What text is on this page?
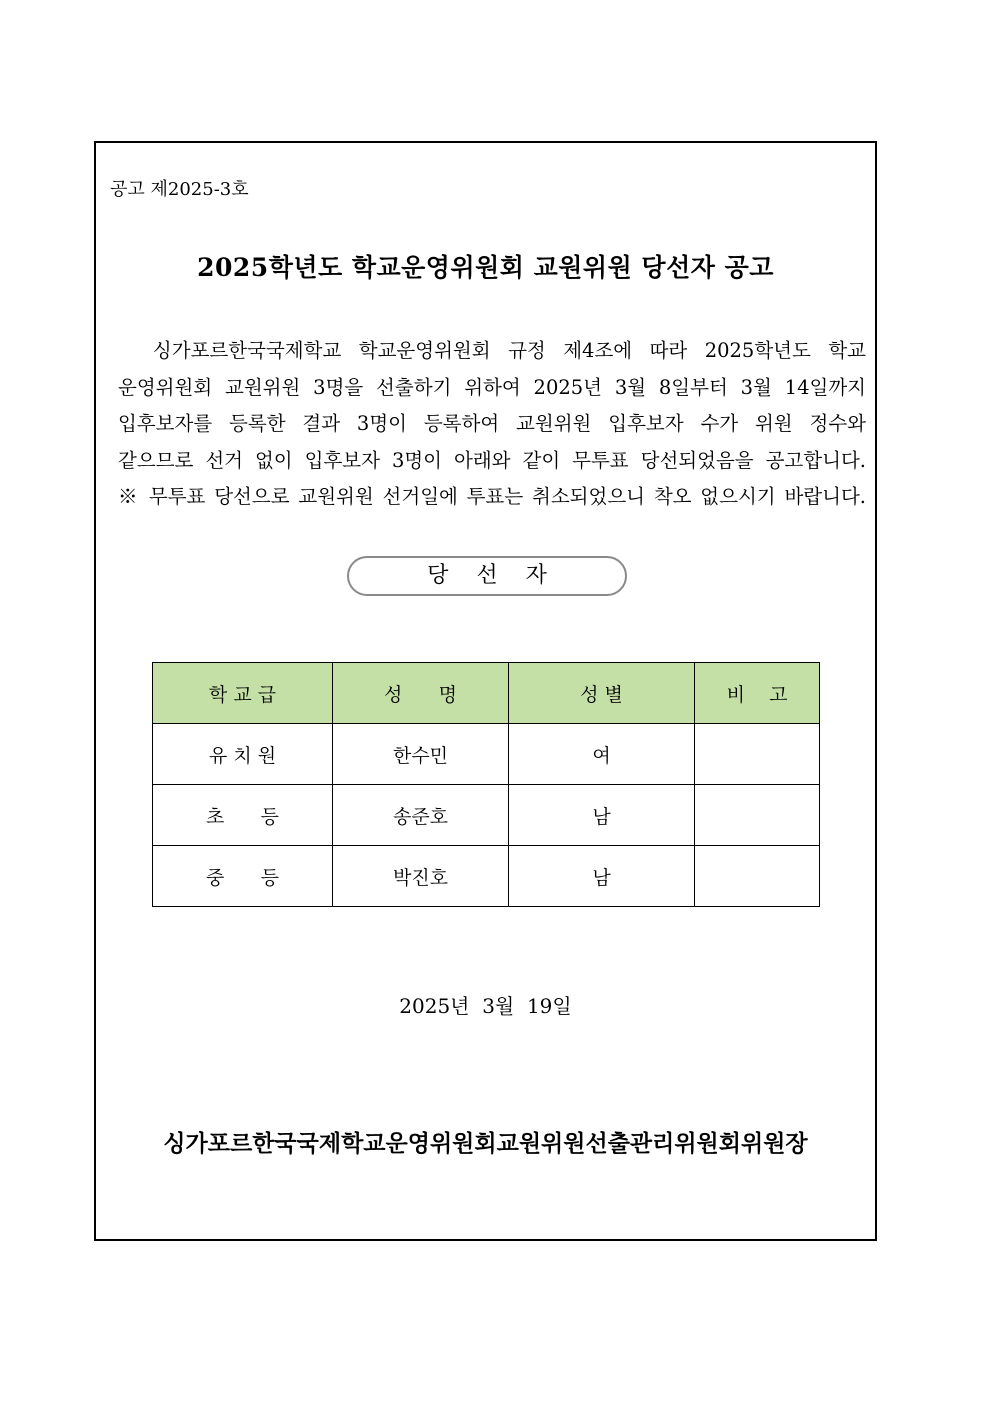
공고 제2025-3호
2025학년도 학교운영위원회 교원위원 당선자 공고
싱가포르한국국제학교 학교운영위원회 규정 제4조에 따라 2025학년도 학교
운영위원회 교원위원 3명을 선출하기 위하여 2025년 3월 8일부터 3월 14일까지
입후보자를 등록한 결과 3명이 등록하여 교원위원 입후보자 수가 위원 정수와
같으므로 선거 없이 입후보자 3명이 아래와 같이 무투표 당선되었음을 공고합니다.
※ 무투표 당선으로 교원위원 선거일에 투표는 취소되었으니 착오 없으시기 바랍니다.
당    선    자
학 교 급	성      명	성 별	비    고
유 치 원	한수민	여	
초      등	송준호	남	
중      등	박진호	남	
2025년  3월  19일
싱가포르한국국제학교운영위원회교원위원선출관리위원회위원장
